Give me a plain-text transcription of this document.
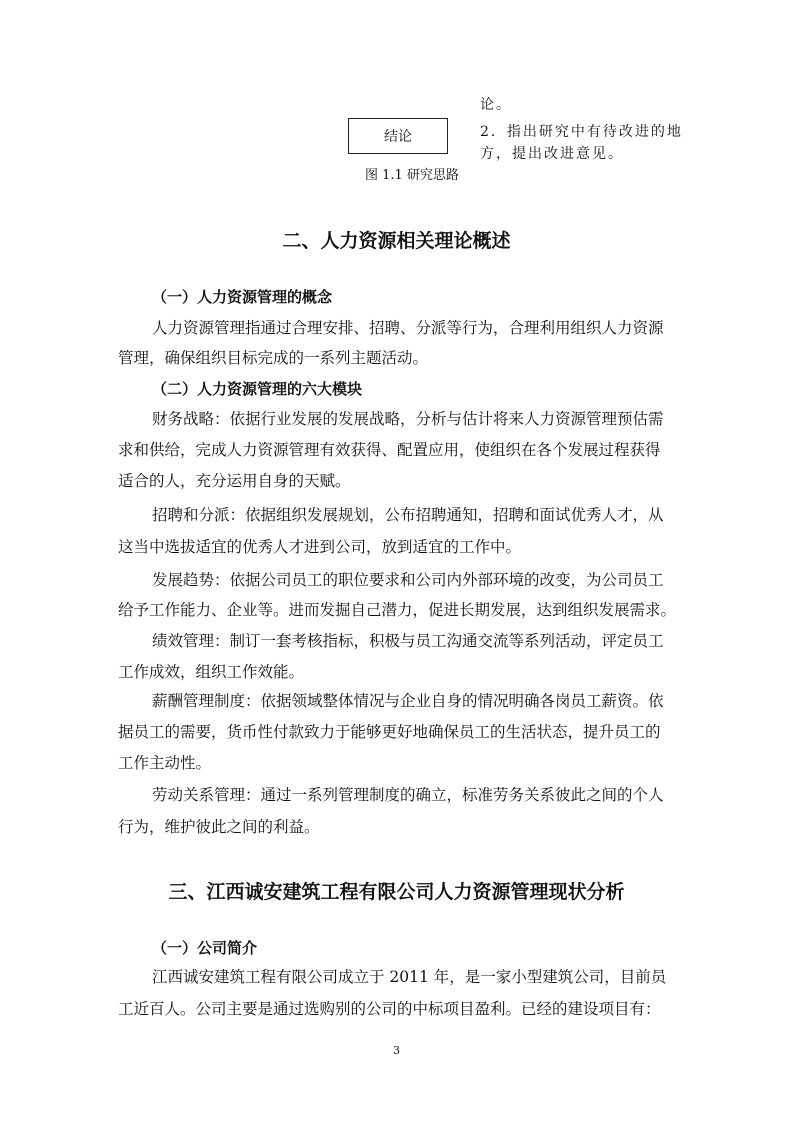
论。
2．指出研究中有待改进的地
方，提出改进意见。
结论
图 1.1 研究思路
二、人力资源相关理论概述
（一）人力资源管理的概念
人力资源管理指通过合理安排、招聘、分派等行为，合理利用组织人力资源
管理，确保组织目标完成的一系列主题活动。
（二）人力资源管理的六大模块
财务战略：依据行业发展的发展战略，分析与估计将来人力资源管理预估需
求和供给，完成人力资源管理有效获得、配置应用，使组织在各个发展过程获得
适合的人，充分运用自身的天赋。
招聘和分派：依据组织发展规划，公布招聘通知，招聘和面试优秀人才，从
这当中选拔适宜的优秀人才进到公司，放到适宜的工作中。
发展趋势：依据公司员工的职位要求和公司内外部环境的改变，为公司员工
给予工作能力、企业等。进而发掘自己潜力，促进长期发展，达到组织发展需求。
绩效管理：制订一套考核指标，积极与员工沟通交流等系列活动，评定员工
工作成效，组织工作效能。
薪酬管理制度：依据领域整体情况与企业自身的情况明确各岗员工薪资。依
据员工的需要，货币性付款致力于能够更好地确保员工的生活状态，提升员工的
工作主动性。
劳动关系管理：通过一系列管理制度的确立，标准劳务关系彼此之间的个人
行为，维护彼此之间的利益。
三、江西诚安建筑工程有限公司人力资源管理现状分析
（一）公司简介
江西诚安建筑工程有限公司成立于 2011 年，是一家小型建筑公司，目前员
工近百人。公司主要是通过选购别的公司的中标项目盈利。已经的建设项目有：
3
